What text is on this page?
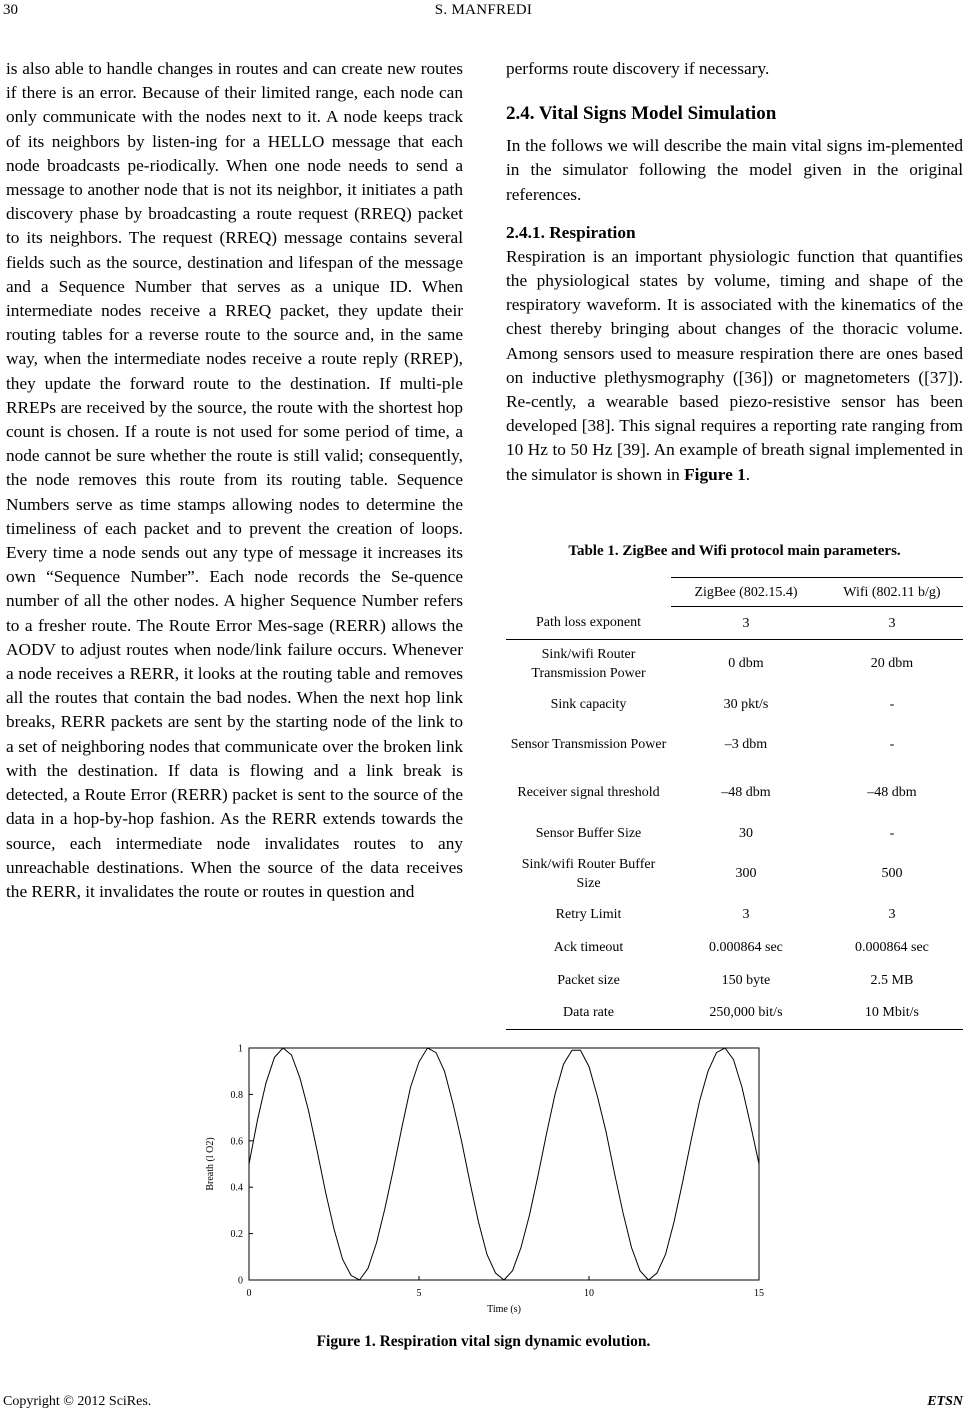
30	S. MANFREDI

is also able to handle changes in routes and can create new routes if there is an error. Because of their limited range, each node can only communicate with the nodes next to it. A node keeps track of its neighbors by listen-ing for a HELLO message that each node broadcasts pe-riodically. When one node needs to send a message to another node that is not its neighbor, it initiates a path discovery phase by broadcasting a route request (RREQ) packet to its neighbors. The request (RREQ) message contains several fields such as the source, destination and lifespan of the message and a Sequence Number that serves as a unique ID. When intermediate nodes receive a RREQ packet, they update their routing tables for a reverse route to the source and, in the same way, when the intermediate nodes receive a route reply (RREP), they update the forward route to the destination. If multi-ple RREPs are received by the source, the route with the shortest hop count is chosen. If a route is not used for some period of time, a node cannot be sure whether the route is still valid; consequently, the node removes this route from its routing table. Sequence Numbers serve as time stamps allowing nodes to determine the timeliness of each packet and to prevent the creation of loops. Every time a node sends out any type of message it increases its own “Sequence Number”. Each node records the Se-quence number of all the other nodes. A higher Sequence Number refers to a fresher route. The Route Error Mes-sage (RERR) allows the AODV to adjust routes when node/link failure occurs. Whenever a node receives a RERR, it looks at the routing table and removes all the routes that contain the bad nodes. When the next hop link breaks, RERR packets are sent by the starting node of the link to a set of neighboring nodes that communicate over the broken link with the destination. If data is flowing and a link break is detected, a Route Error (RERR) packet is sent to the source of the data in a hop-by-hop fashion. As the RERR extends towards the source, each intermediate node invalidates routes to any unreachable destinations. When the source of the data receives the RERR, it invalidates the route or routes in question and

performs route discovery if necessary.

2.4. Vital Signs Model Simulation

In the follows we will describe the main vital signs im-plemented in the simulator following the model given in the original references.

2.4.1. Respiration

Respiration is an important physiologic function that quantifies the physiological states by volume, timing and shape of the respiratory waveform. It is associated with the kinematics of the chest thereby bringing about changes of the thoracic volume. Among sensors used to measure respiration there are ones based on inductive plethysmography ([36]) or magnetometers ([37]). Re-cently, a wearable based piezo-resistive sensor has been developed [38]. This signal requires a reporting rate ranging from 10 Hz to 50 Hz [39]. An example of breath signal implemented in the simulator is shown in Figure 1.

Table 1. ZigBee and Wifi protocol main parameters.
	ZigBee (802.15.4)	Wifi (802.11 b/g)
Path loss exponent	3	3
Sink/wifi Router Transmission Power	0 dbm	20 dbm
Sink capacity	30 pkt/s	-
Sensor Transmission Power	–3 dbm	-
Receiver signal threshold	–48 dbm	–48 dbm
Sensor Buffer Size	30	-
Sink/wifi Router Buffer Size	300	500
Retry Limit	3	3
Ack timeout	0.000864 sec	0.000864 sec
Packet size	150 byte	2.5 MB
Data rate	250,000 bit/s	10 Mbit/s
0	5	10	15
0
0.2
0.4
0.6
0.8
1
Time (s)
Breath (l O2)
Figure 1. Respiration vital sign dynamic evolution.
Copyright © 2012 SciRes.	ETSN
